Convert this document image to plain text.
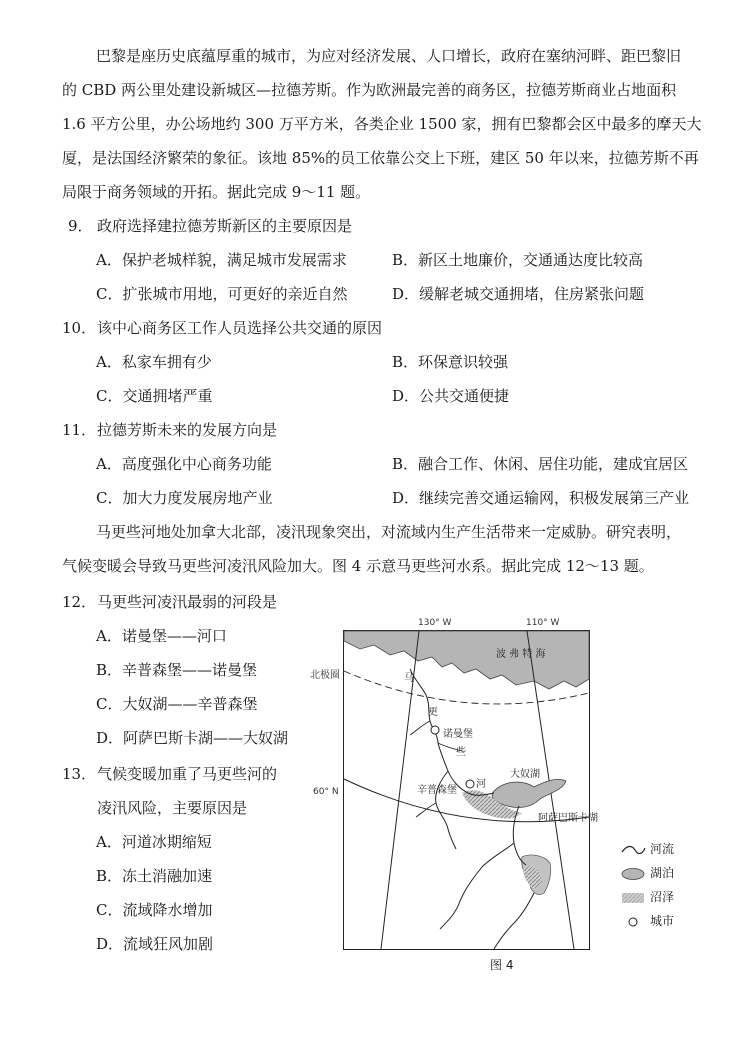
巴黎是座历史底蕴厚重的城市，为应对经济发展、人口增长，政府在塞纳河畔、距巴黎旧
的 CBD 两公里处建设新城区—拉德芳斯。作为欧洲最完善的商务区，拉德芳斯商业占地面积
1.6 平方公里，办公场地约 300 万平方米，各类企业 1500 家，拥有巴黎都会区中最多的摩天大
厦，是法国经济繁荣的象征。该地 85%的员工依靠公交上下班，建区 50 年以来，拉德芳斯不再
局限于商务领域的开拓。据此完成 9～11 题。
9． 政府选择建拉德芳斯新区的主要原因是
A．保护老城样貌，满足城市发展需求	B．新区土地廉价，交通通达度比较高
C．扩张城市用地，可更好的亲近自然	D．缓解老城交通拥堵，住房紧张问题
10． 该中心商务区工作人员选择公共交通的原因
A．私家车拥有少	B．环保意识较强
C．交通拥堵严重	D．公共交通便捷
11． 拉德芳斯未来的发展方向是
A．高度强化中心商务功能	B．融合工作、休闲、居住功能，建成宜居区
C．加大力度发展房地产业	D．继续完善交通运输网，积极发展第三产业
马更些河地处加拿大北部，凌汛现象突出，对流域内生产生活带来一定威胁。研究表明，
气候变暖会导致马更些河凌汛风险加大。图 4 示意马更些河水系。据此完成 12～13 题。
12． 马更些河凌汛最弱的河段是
A．诺曼堡——河口
B．辛普森堡——诺曼堡
C．大奴湖——辛普森堡
D．阿萨巴斯卡湖——大奴湖
13． 气候变暖加重了马更些河的
凌汛风险，主要原因是
A．河道冰期缩短
B．冻土消融加速
C．流域降水增加
D．流域狂风加剧
130° W	110° W
60° N
北极圈
波 弗 特 海
马
更
些
河
诺曼堡
辛普森堡
大奴湖
阿萨巴斯卡湖
河流
湖泊
沼泽
城市
图 4
